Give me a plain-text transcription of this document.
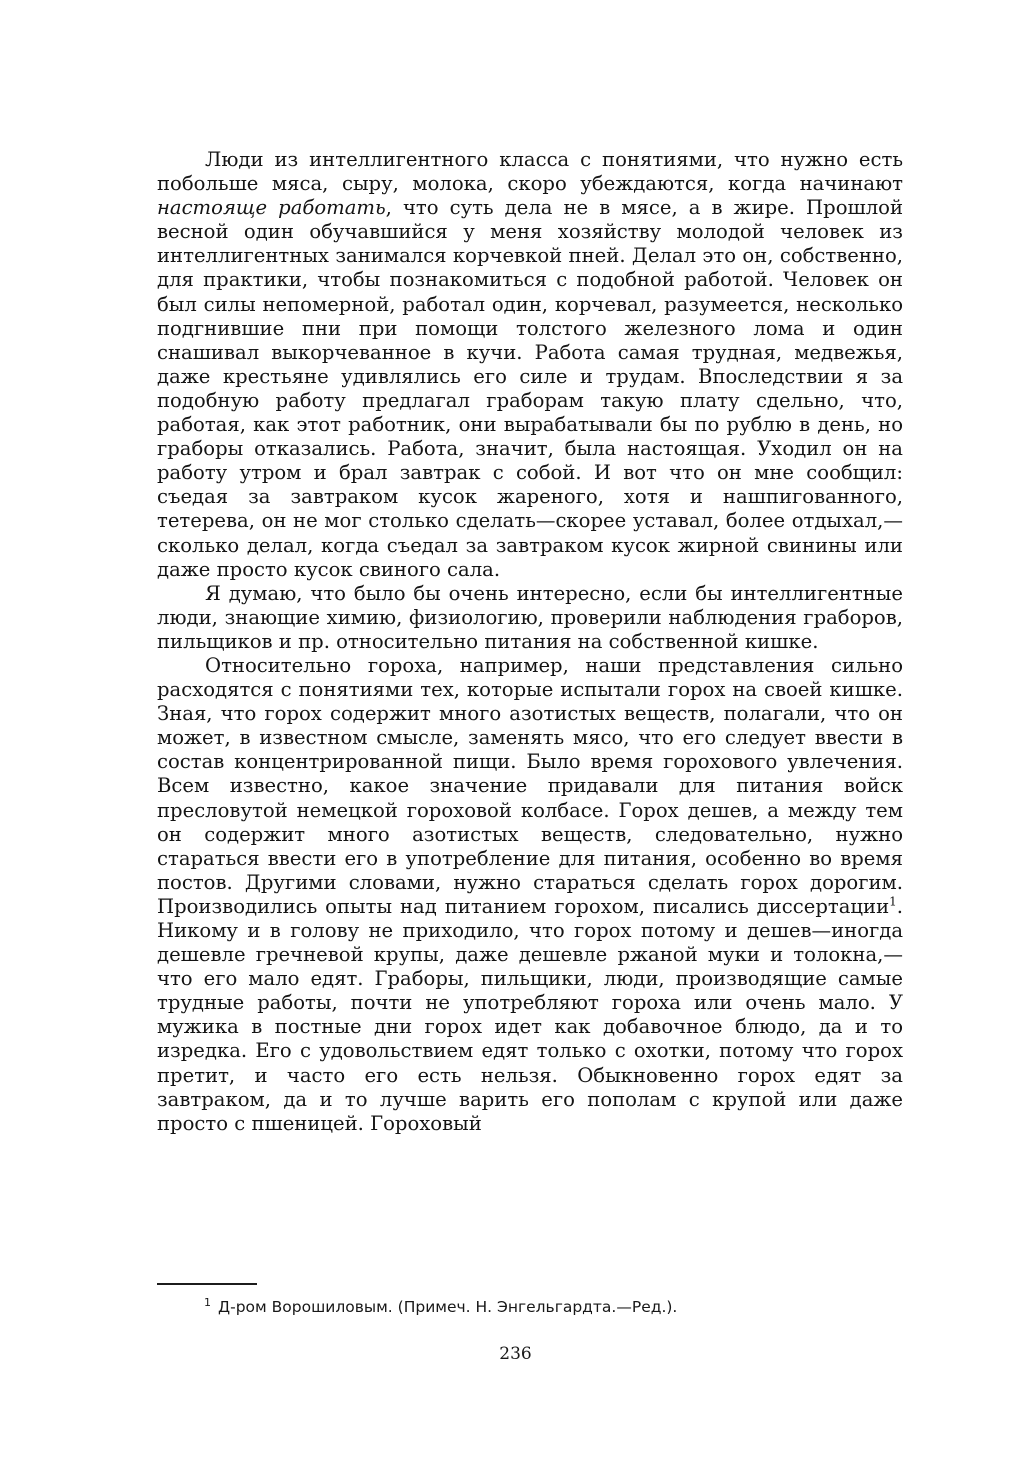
Люди из интеллигентного класса с понятиями, что нужно есть побольше мяса, сыру, молока, скоро убеждаются, когда начинают настояще работать, что суть дела не в мясе, а в жире. Прошлой весной один обучавшийся у меня хозяйству молодой человек из интеллигентных занимался корчевкой пней. Делал это он, собственно, для практики, чтобы познакомиться с подобной работой. Человек он был силы непомерной, работал один, корчевал, разумеется, несколько подгнившие пни при помощи толстого железного лома и один снашивал выкорчеванное в кучи. Работа самая трудная, медвежья, даже крестьяне удивлялись его силе и трудам. Впоследствии я за подобную работу предлагал граборам такую плату сдельно, что, работая, как этот работник, они вырабатывали бы по рублю в день, но граборы отказались. Работа, значит, была настоящая. Уходил он на работу утром и брал завтрак с собой. И вот что он мне сообщил: съедая за завтраком кусок жареного, хотя и нашпигованного, тетерева, он не мог столько сделать—скорее уставал, более отдыхал,—сколько делал, когда съедал за завтраком кусок жирной свинины или даже просто кусок свиного сала.

Я думаю, что было бы очень интересно, если бы интеллигентные люди, знающие химию, физиологию, проверили наблюдения граборов, пильщиков и пр. относительно питания на собственной кишке.

Относительно гороха, например, наши представления сильно расходятся с понятиями тех, которые испытали горох на своей кишке. Зная, что горох содержит много азотистых веществ, полагали, что он может, в известном смысле, заменять мясо, что его следует ввести в состав концентрированной пищи. Было время горохового увлечения. Всем известно, какое значение придавали для питания войск пресловутой немецкой гороховой колбасе. Горох дешев, а между тем он содержит много азотистых веществ, следовательно, нужно стараться ввести его в употребление для питания, особенно во время постов. Другими словами, нужно стараться сделать горох дорогим. Производились опыты над питанием горохом, писались диссертации$^1$. Никому и в голову не приходило, что горох потому и дешев—иногда дешевле гречневой крупы, даже дешевле ржаной муки и толокна,—что его мало едят. Граборы, пильщики, люди, производящие самые трудные работы, почти не употребляют гороха или очень мало. У мужика в постные дни горох идет как добавочное блюдо, да и то изредка. Его с удовольствием едят только с охотки, потому что горох претит, и часто его есть нельзя. Обыкновенно горох едят за завтраком, да и то лучше варить его пополам с крупой или даже просто с пшеницей. Гороховый

$^1$ Д-ром Ворошиловым. (Примеч. Н. Энгельгардта.—Ред.).
236
